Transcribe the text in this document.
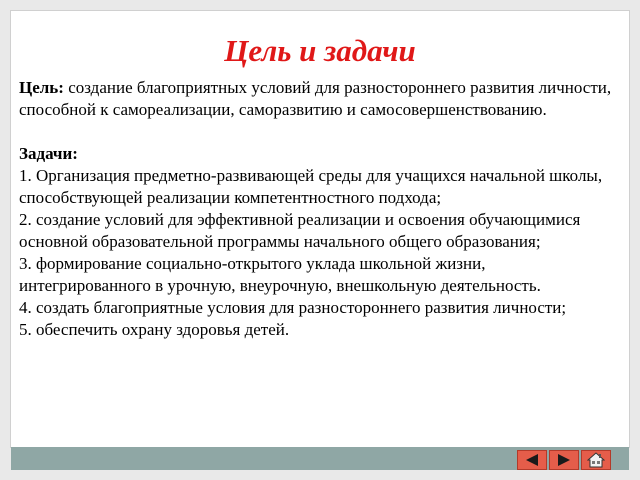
Цель и задачи

Цель: создание благоприятных условий для разностороннего развития личности, способной к самореализации, саморазвитию и самосовершенствованию.

Задачи:

1. Организация предметно-развивающей среды для учащихся начальной школы, способствующей реализации компетентностного подхода;

2. создание условий для эффективной реализации и освоения обучающимися основной образовательной программы начального общего образования;

3. формирование социально-открытого уклада школьной жизни, интегрированного в урочную, внеурочную, внешкольную деятельность.

4. создать благоприятные условия для разностороннего развития личности;

5. обеспечить охрану здоровья детей.
